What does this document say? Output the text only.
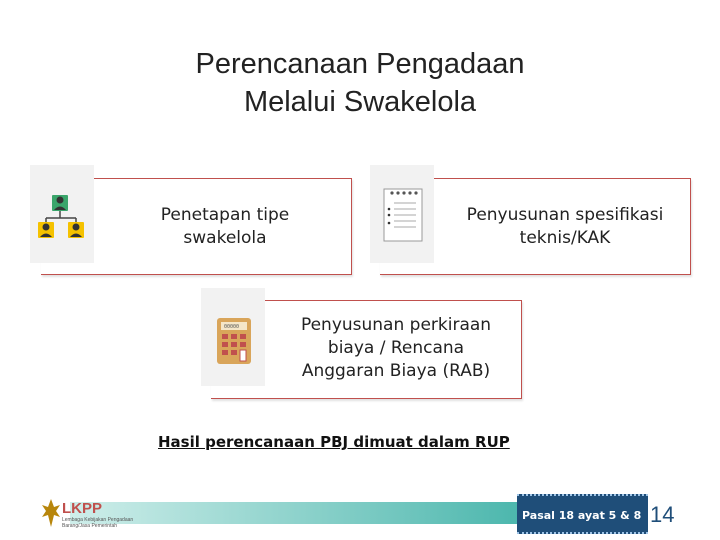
Perencanaan Pengadaan
Melalui Swakelola
Penetapan tipe
swakelola
Penyusunan spesifikasi
teknis/KAK
00000	Penyusunan perkiraan
biaya / Rencana
Anggaran Biaya (RAB)
Hasil perencanaan PBJ dimuat dalam RUP
LKPP
Lembaga Kebijakan Pengadaan Barang/Jasa Pemerintah
Pasal 18 ayat 5 & 8 14
